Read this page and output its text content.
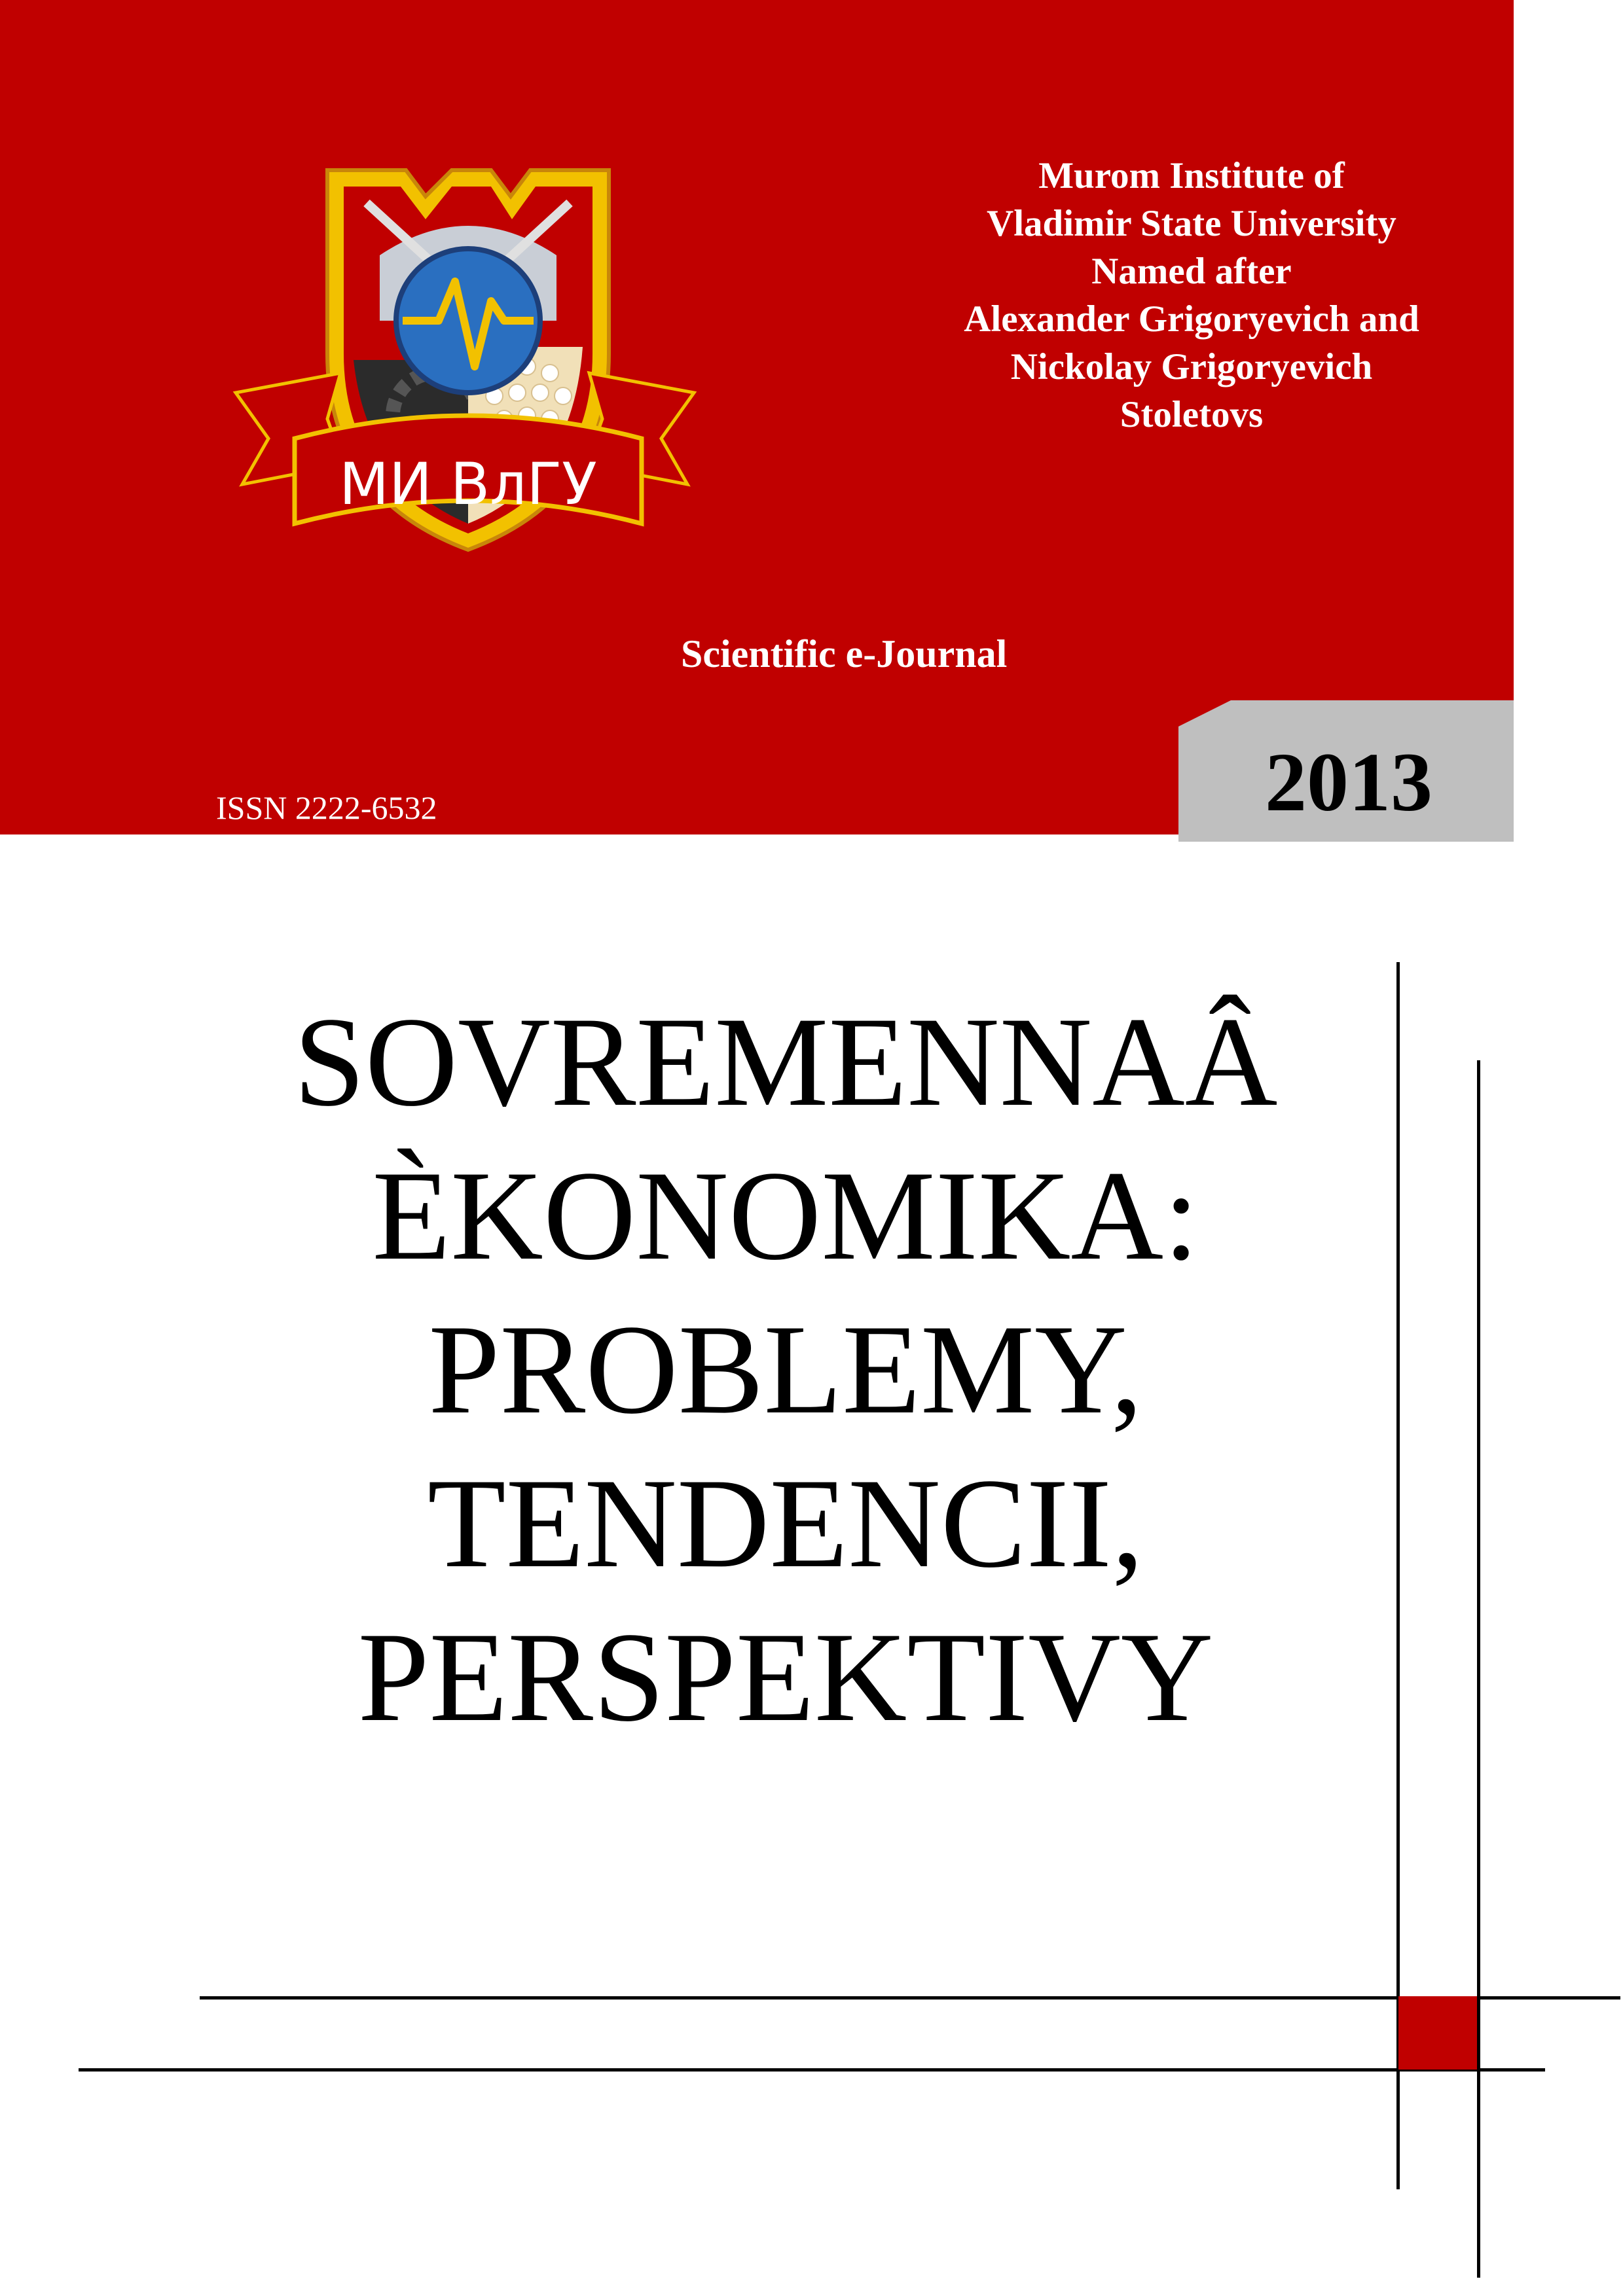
МИ ВлГУ
Murom Institute of
Vladimir State University
Named after
Alexander Grigoryevich and
Nickolay Grigoryevich
Stoletovs
Scientific e-Journal
ISSN 2222-6532	2013
SOVREMENNAÂ
ÈKONOMIKA:
PROBLEMY,
TENDENCII,
PERSPEKTIVY
